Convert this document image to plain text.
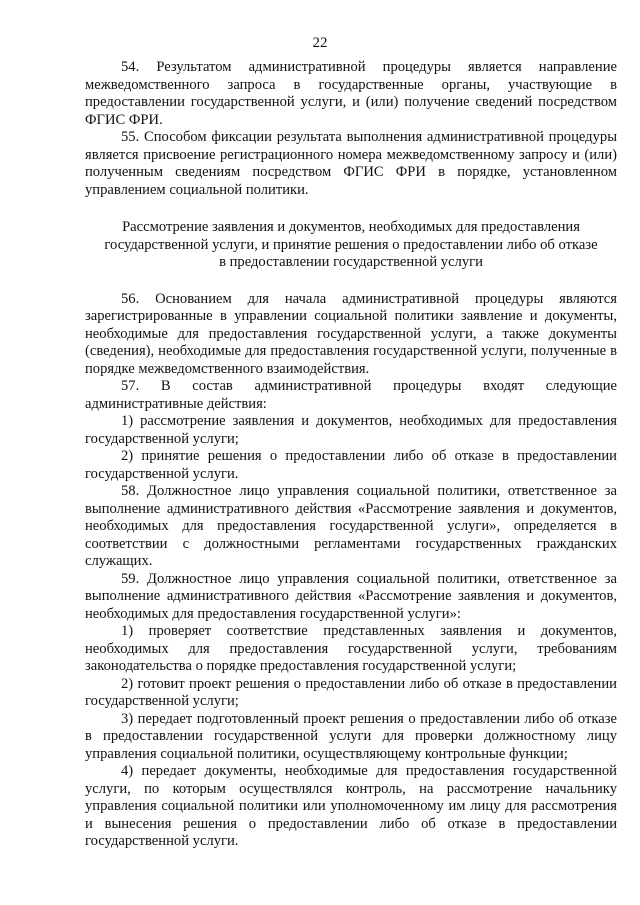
22

54. Результатом административной процедуры является направление межведомственного запроса в государственные органы, участвующие в предоставлении государственной услуги, и (или) получение сведений посредством ФГИС ФРИ.

55. Способом фиксации результата выполнения административной процедуры является присвоение регистрационного номера межведомственному запросу и (или) полученным сведениям посредством ФГИС ФРИ в порядке, установленном управлением социальной политики.

Рассмотрение заявления и документов, необходимых для предоставления государственной услуги, и принятие решения о предоставлении либо об отказе в предоставлении государственной услуги

56. Основанием для начала административной процедуры являются зарегистрированные в управлении социальной политики заявление и документы, необходимые для предоставления государственной услуги, а также документы (сведения), необходимые для предоставления государственной услуги, полученные в порядке межведомственного взаимодействия.

57. В состав административной процедуры входят следующие административные действия:

1) рассмотрение заявления и документов, необходимых для предоставления государственной услуги;

2) принятие решения о предоставлении либо об отказе в предоставлении государственной услуги.

58. Должностное лицо управления социальной политики, ответственное за выполнение административного действия «Рассмотрение заявления и документов, необходимых для предоставления государственной услуги», определяется в соответствии с должностными регламентами государственных гражданских служащих.

59. Должностное лицо управления социальной политики, ответственное за выполнение административного действия «Рассмотрение заявления и документов, необходимых для предоставления государственной услуги»:

1) проверяет соответствие представленных заявления и документов, необходимых для предоставления государственной услуги, требованиям законодательства о порядке предоставления государственной услуги;

2) готовит проект решения о предоставлении либо об отказе в предоставлении государственной услуги;

3) передает подготовленный проект решения о предоставлении либо об отказе в предоставлении государственной услуги для проверки должностному лицу управления социальной политики, осуществляющему контрольные функции;

4) передает документы, необходимые для предоставления государственной услуги, по которым осуществлялся контроль, на рассмотрение начальнику управления социальной политики или уполномоченному им лицу для рассмотрения и вынесения решения о предоставлении либо об отказе в предоставлении государственной услуги.
